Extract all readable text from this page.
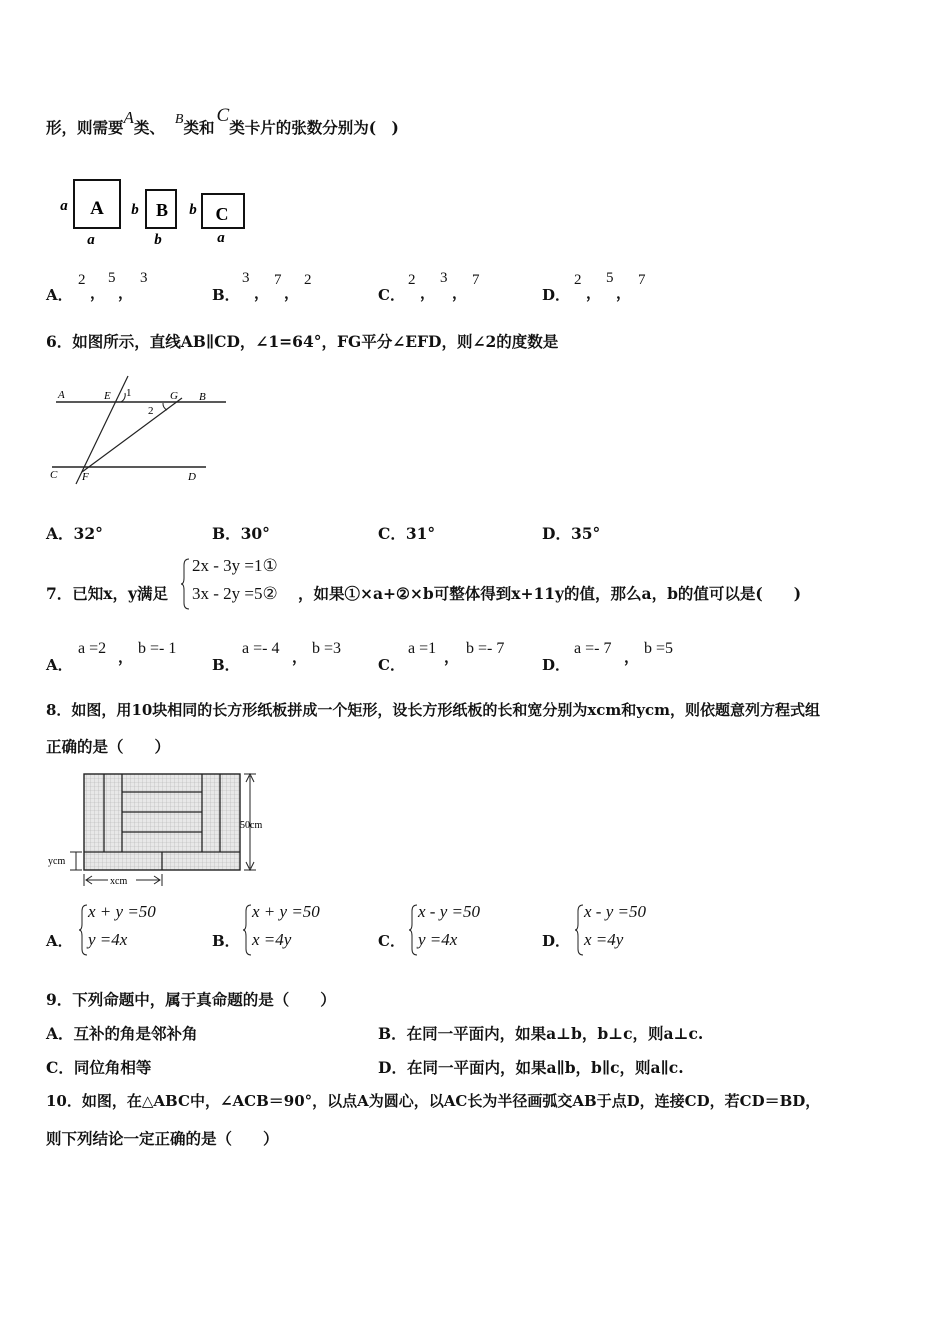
形，则需要A类、 B类和C类卡片的张数分别为(　)
A
a
a
B
b
b
C
b
a
A．
2
，
5
，
3
B．
3
，
7
，
2
C．
2
，
3
，
7
D．
2
，
5
，
7
6．如图所示，直线AB∥CD，∠1=64°，FG平分∠EFD，则∠2的度数是
A	E 1	G B
2
C F	D
A．32°	B．30°	C．31°	D．35°
7．已知x，y满足
2x - 3y =1①
3x - 2y =5② ，如果①×a+②×b可整体得到x+11y的值，那么a，b的值可以是(　　)
A．
a =2 ， b =- 1
B．
a =- 4 ， b =3
C．
a =1 ， b =- 7
D．
a =- 7 ， b =5
8．如图，用10块相同的长方形纸板拼成一个矩形，设长方形纸板的长和宽分别为xcm和ycm，则依题意列方程式组
正确的是（　　）
50cm
ycm
xcm
A．
x + y =50
y =4x	B．
x + y =50
x =4y	C．
x - y =50
y =4x	D．
x - y =50
x =4y
9．下列命题中，属于真命题的是（　　）
A．互补的角是邻补角	B．在同一平面内，如果a⊥b，b⊥c，则a⊥c.
C．同位角相等	D．在同一平面内，如果a∥b，b∥c，则a∥c.
10．如图，在△ABC中，∠ACB＝90°，以点A为圆心，以AC长为半径画弧交AB于点D，连接CD，若CD＝BD，
则下列结论一定正确的是（　　）
